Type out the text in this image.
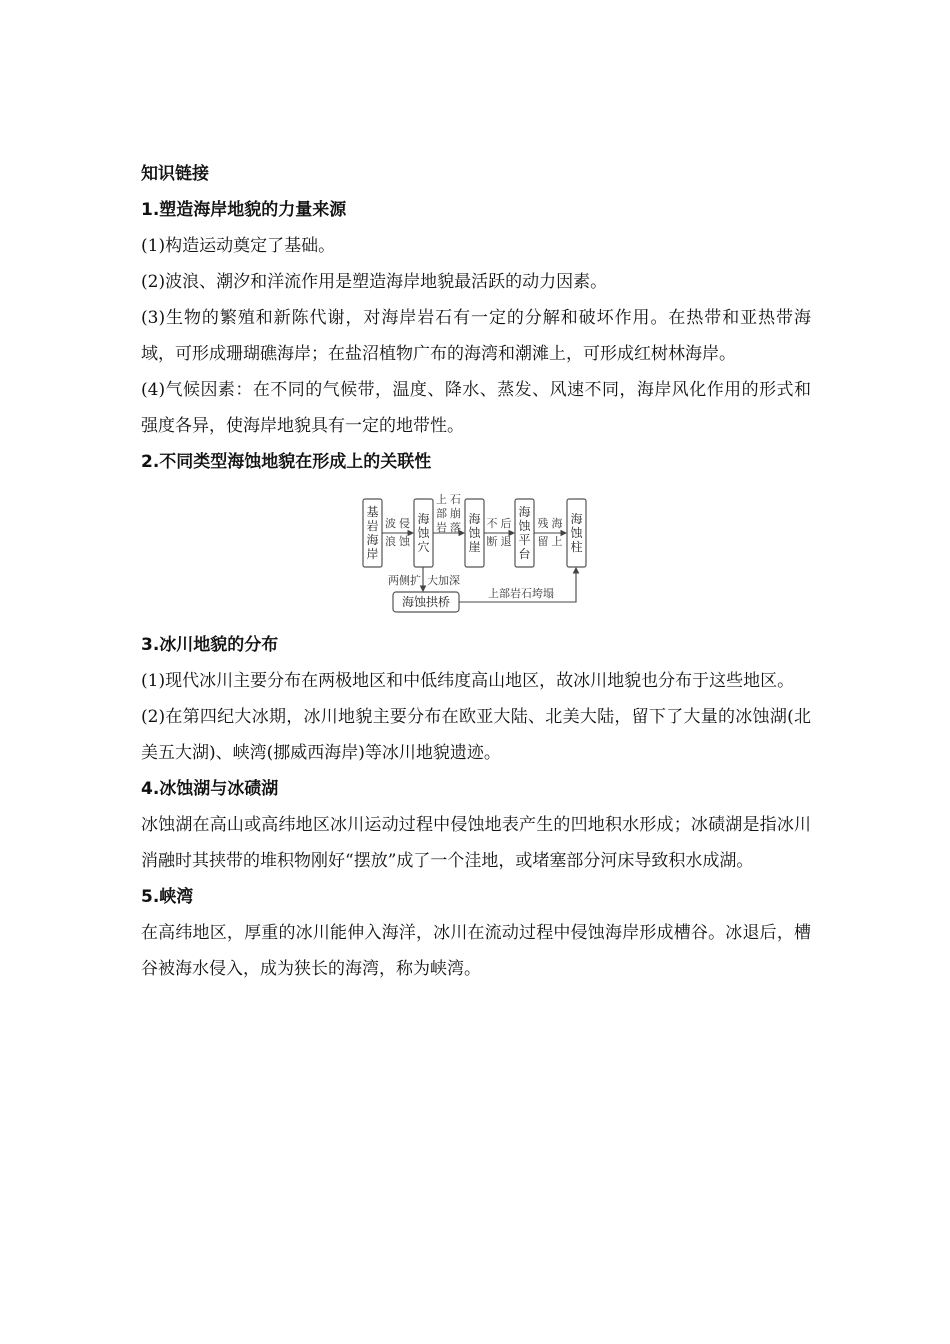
知识链接

1.塑造海岸地貌的力量来源

(1)构造运动奠定了基础。

(2)波浪、潮汐和洋流作用是塑造海岸地貌最活跃的动力因素。

(3)生物的繁殖和新陈代谢，对海岸岩石有一定的分解和破坏作用。在热带和亚热带海域，可形成珊瑚礁海岸；在盐沼植物广布的海湾和潮滩上，可形成红树林海岸。

(4)气候因素：在不同的气候带，温度、降水、蒸发、风速不同，海岸风化作用的形式和强度各异，使海岸地貌具有一定的地带性。

2.不同类型海蚀地貌在形成上的关联性

基岩海岸
海蚀穴
海蚀崖
海蚀平台
海蚀柱
海蚀拱桥
波浪侵蚀
上部岩石崩落 不断后退
残留海上
两侧扩
上部岩石垮塌
大加深

3.冰川地貌的分布

(1)现代冰川主要分布在两极地区和中低纬度高山地区，故冰川地貌也分布于这些地区。

(2)在第四纪大冰期，冰川地貌主要分布在欧亚大陆、北美大陆，留下了大量的冰蚀湖(北美五大湖)、峡湾(挪威西海岸)等冰川地貌遗迹。

4.冰蚀湖与冰碛湖

冰蚀湖在高山或高纬地区冰川运动过程中侵蚀地表产生的凹地积水形成；冰碛湖是指冰川消融时其挟带的堆积物刚好“摆放”成了一个洼地，或堵塞部分河床导致积水成湖。

5.峡湾

在高纬地区，厚重的冰川能伸入海洋，冰川在流动过程中侵蚀海岸形成槽谷。冰退后，槽谷被海水侵入，成为狭长的海湾，称为峡湾。
